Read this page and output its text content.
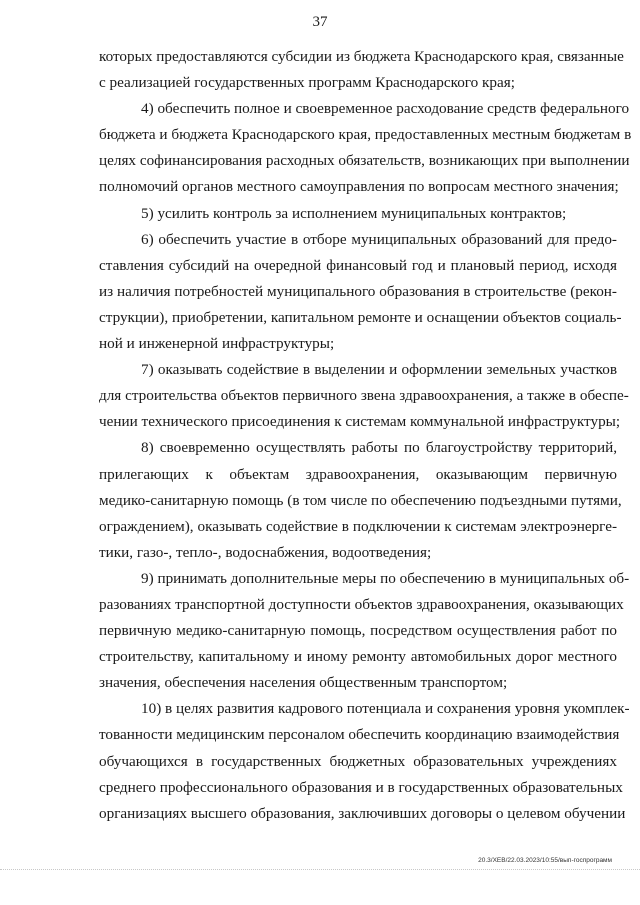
37
которых предоставляются субсидии из бюджета Краснодарского края, связанные
с реализацией государственных программ Краснодарского края;
4) обеспечить полное и своевременное расходование средств федерального
бюджета и бюджета Краснодарского края, предоставленных местным бюджетам в
целях софинансирования расходных обязательств, возникающих при выполнении
полномочий органов местного самоуправления по вопросам местного значения;
5) усилить контроль за исполнением муниципальных контрактов;
6) обеспечить участие в отборе муниципальных образований для предо-
ставления субсидий на очередной финансовый год и плановый период, исходя
из наличия потребностей муниципального образования в строительстве (рекон-
струкции), приобретении, капитальном ремонте и оснащении объектов социаль-
ной и инженерной инфраструктуры;
7) оказывать содействие в выделении и оформлении земельных участков
для строительства объектов первичного звена здравоохранения, а также в обеспе-
чении технического присоединения к системам коммунальной инфраструктуры;
8) своевременно осуществлять работы по благоустройству территорий,
прилегающих к объектам здравоохранения, оказывающим первичную
медико-санитарную помощь (в том числе по обеспечению подъездными путями,
ограждением), оказывать содействие в подключении к системам электроэнерге-
тики, газо-, тепло-, водоснабжения, водоотведения;
9) принимать дополнительные меры по обеспечению в муниципальных об-
разованиях транспортной доступности объектов здравоохранения, оказывающих
первичную медико-санитарную помощь, посредством осуществления работ по
строительству, капитальному и иному ремонту автомобильных дорог местного
значения, обеспечения населения общественным транспортом;
10) в целях развития кадрового потенциала и сохранения уровня укомплек-
тованности медицинским персоналом обеспечить координацию взаимодействия
обучающихся в государственных бюджетных образовательных учреждениях
среднего профессионального образования и в государственных образовательных
организациях высшего образования, заключивших договоры о целевом обучении
20.3/ХЕВ/22.03.2023/10:55/вып-госпрограмм
